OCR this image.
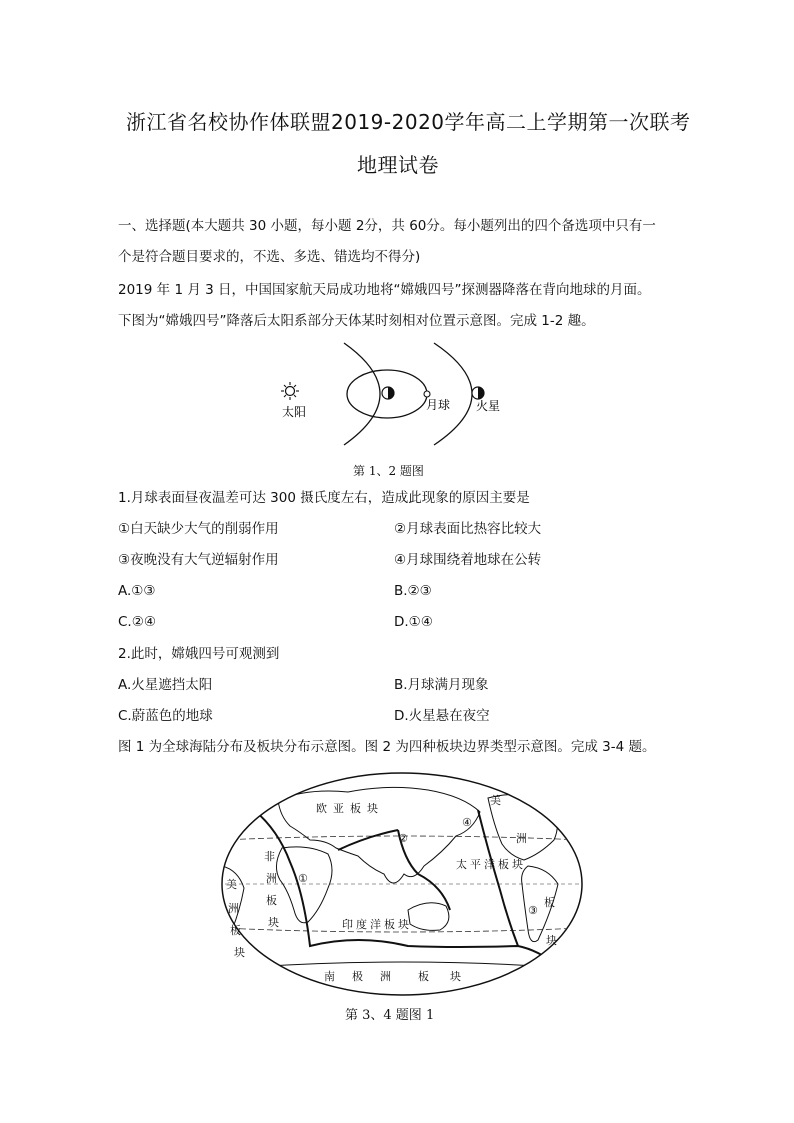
浙江省名校协作体联盟2019-2020学年高二上学期第一次联考
地理试卷
一、选择题(本大题共 30 小题，每小题 2分，共 60分。每小题列出的四个备选项中只有一
个是符合题目要求的，不选、多选、错选均不得分)
2019 年 1 月 3 日，中国国家航天局成功地将“嫦娥四号”探测器降落在背向地球的月面。
下图为“嫦娥四号”降落后太阳系部分天体某时刻相对位置示意图。完成 1-2 趣。
太阳	月球 火星
第 1、2 题图
1.月球表面昼夜温差可达 300 摄氏度左右，造成此现象的原因主要是
①白天缺少大气的削弱作用	②月球表面比热容比较大
③夜晚没有大气逆辐射作用	④月球围绕着地球在公转
A.①③	B.②③
C.②④	D.①④
2.此时，嫦娥四号可观测到
A.火星遮挡太阳	B.月球满月现象
C.蔚蓝色的地球	D.火星悬在夜空
图 1 为全球海陆分布及板块分布示意图。图 2 为四种板块边界类型示意图。完成 3-4 题。
欧 亚 板 块
非
洲
板
块
太 平 洋 板 块
印 度 洋 板 块
南 极 洲 板 块
美
洲
板
块
美
洲
板
块
①
②
③
④
第 3、4 题图 1
